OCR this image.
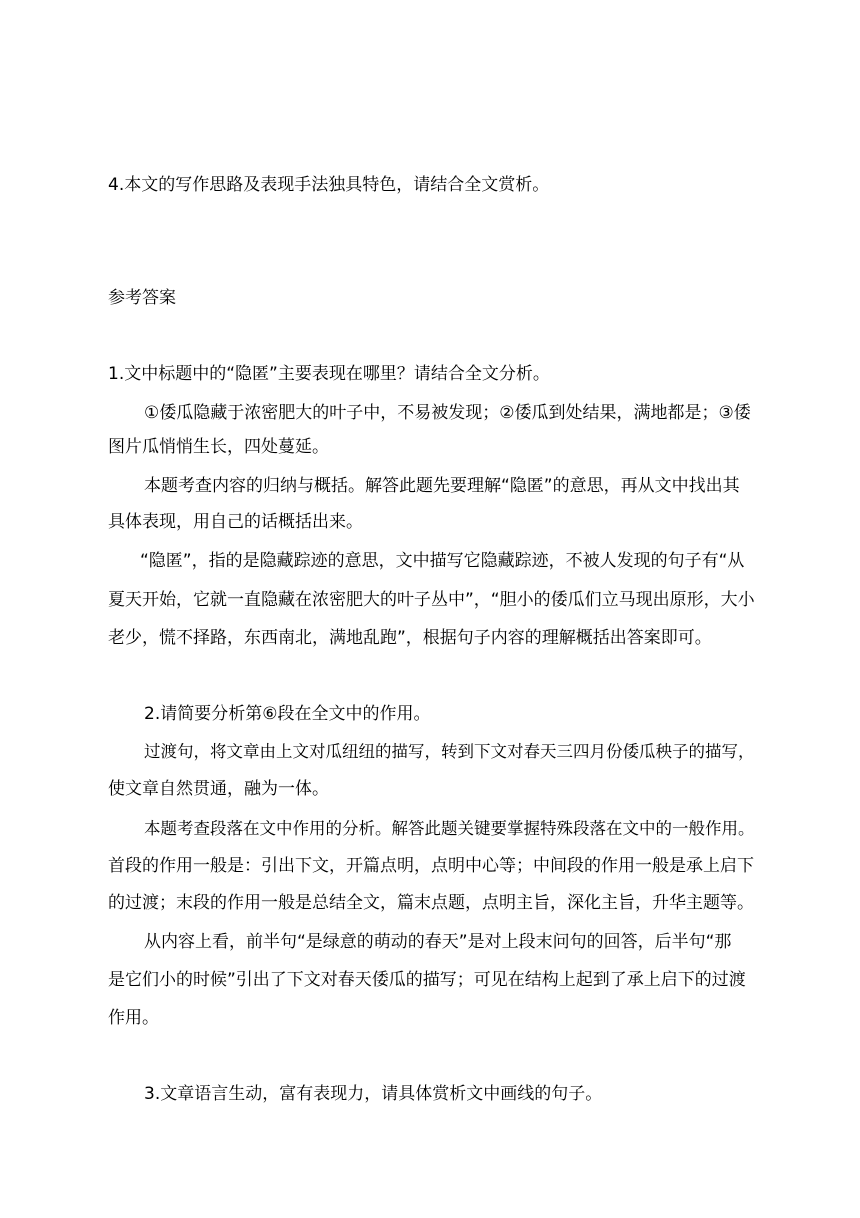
4.本文的写作思路及表现手法独具特色，请结合全文赏析。
参考答案
1.文中标题中的“隐匿”主要表现在哪里？请结合全文分析。
①倭瓜隐藏于浓密肥大的叶子中，不易被发现；②倭瓜到处结果，满地都是；③倭
图片瓜悄悄生长，四处蔓延。
本题考查内容的归纳与概括。解答此题先要理解“隐匿”的意思，再从文中找出其
具体表现，用自己的话概括出来。
“隐匿”，指的是隐藏踪迹的意思，文中描写它隐藏踪迹，不被人发现的句子有“从
夏天开始，它就一直隐藏在浓密肥大的叶子丛中”，“胆小的倭瓜们立马现出原形，大小
老少，慌不择路，东西南北，满地乱跑”，根据句子内容的理解概括出答案即可。
2.请简要分析第⑥段在全文中的作用。
过渡句，将文章由上文对瓜纽纽的描写，转到下文对春天三四月份倭瓜秧子的描写，
使文章自然贯通，融为一体。
本题考查段落在文中作用的分析。解答此题关键要掌握特殊段落在文中的一般作用。
首段的作用一般是：引出下文，开篇点明，点明中心等；中间段的作用一般是承上启下
的过渡；末段的作用一般是总结全文，篇末点题，点明主旨，深化主旨，升华主题等。
从内容上看，前半句“是绿意的萌动的春天”是对上段末问句的回答，后半句“那
是它们小的时候”引出了下文对春天倭瓜的描写；可见在结构上起到了承上启下的过渡
作用。
3.文章语言生动，富有表现力，请具体赏析文中画线的句子。
